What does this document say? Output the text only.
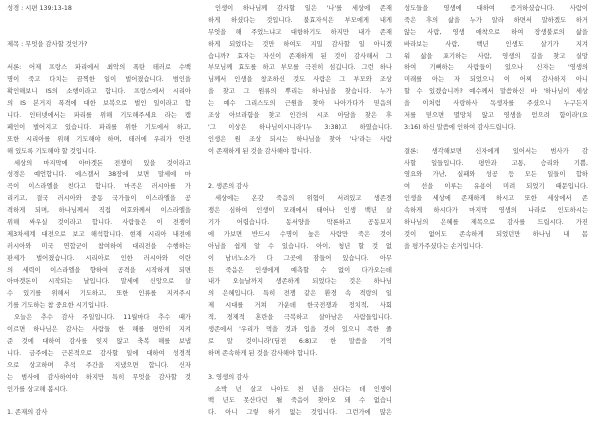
성경 : 시편 139:13-18
제목 : 무엇을 감사할 것인가?
서론: 어제 프랑스 파리에서 최악의 폭탄 테러로 수백
명이 죽고 다치는 끔찍한 일이 벌어졌습니다. 범인을
확인해보니 IS의 소행이라고 합니다. 프랑스에서 시리아
의 IS 본거지 폭격에 대한 보복으로 벌인 일이라고 합
니다. 인터넷에서는 파리를 위해 기도해주세요 라는 캠
페인이 벌어지고 있습니다. 파리를 위한 기도에서 하고,
또한 시리아를 위해 기도해야 하며, 테러에 우리가 안전
해 있도록 기도해야 할 것입니다.
세상의 마지막에 아마겟돈 전쟁이 있을 것이라고
성경은 예언합니다. 에스겔서 38장에 보면 말세에 마
곡이 이스라엘을 친다고 합니다. 마곡은 러시아를 가
리키고, 결국 러시아와 중동 국가들이 이스라엘을 공
격하게 되며, 하나님께서 직접 여호와께서 이스라엘을
위해 싸우실 것이라고 합니다. 사람들은 이 전쟁이
제3차세계 대전으로 보고 해석합니다. 현재 시리아 내전에
러시아와 미국 연합군이 참여하여 대리전을 수행하는
판세가 벌어졌습니다. 시리아로 인한 러시아와 이란
의 세력이 이스라엘을 향하여 공격을 시작하게 되면
아마겟돈이 시작되는 날입니다. 말세에 신앙으로 살
수 있기를 위해서 기도하고, 또한 인류를 지켜주시
기를 기도하는 참 중요한 시기입니다.
오늘은 추수 감사 주일입니다. 11월마다 추수 때가
이르면 하나님은 감사는 사람들 한 해를 평안히 지켜
준 것에 대하여 감사를 잊지 않고 축복 해를 보냅
니다. 금주에는 근본적으로 감사할 일에 대하여 성경적
으로 상고하며 추석 주간을 지냈으면 합니다. 신자
는 범사에 감사하여야 하지만 특히 무엇을 감사할 것
인가를 상고해 봅시다.
1. 존재의 감사
인생이 하나님께 감사할 일은 '나'를 세상에 존재
하게 하셨다는 것입니다. 불효자식은 부모에게 내게
무엇을 해 주었느냐고 대항하기도 하지만 내가 존재
하게 되었다는 것만 하여도 지밀 감사할 일 아니겠
습니까? 효자는 자신이 존재하게 된 것이 감사해서 그
부모님께 효도를 하고 부모를 극진히 섬깁니다. 그런 하나
님께서 인생을 창조하신 것도 사람은 그 부모와 조상
을 찾고 그 원류의 뿌리는 하나님을 찾습니다. 누가
는 예수 그리스도의 근원을 찾아 나아가다가 믿음의
조상 아브라함을 찾고 인간의 시조 아담을 찾은 후
'그 이상은 하나님이시니라'(누 3:38)고 하였습니다.
인생은 원 조상 되시는 하나님을 찾아 '나'라는 사람
이 존재하게 된 것을 감사해야 합니다.
2. 생존의 감사
세상에는 온갖 죽음의 위협이 서려있고 생존경
쟁은 심하여 인생이 모래에서 태어나 인생 백년 살
기가 어렵습니다. 동서양을 막론하고 공동묘지
에 가보면 반드시 수명이 높은 사람만 죽은 것이
아님을 쉽게 알 수 있습니다. 아이, 청년 할 것 없
이 남녀노소가 다 그곳에 잠들어 있습니다. 아무
튼 죽음은 인생에게 예측할 수 없이 다가오는데
내가 오늘날까지 생존하게 되었다는 것은 하나님
의 은혜입니다. 특히 전쟁 같은 환경 속 격랑의 일
제 시대를 거쳐 가운데 한국전쟁과 정치적, 사회
적, 경제적 혼란을 극복하고 살아남은 사람들입니다.
생존에서 '우리가 먹을 것과 입을 것이 있으니 족한 줄
로 알 것이니라'(딤전 6:8)고 한 말씀을 기억
하며 존속하게 된 것을 감사해야 합니다.
3. 영생의 감사
소박 넌 살고 나아도 천 년을 산다는 데 인생이
백 년도 못산다던 될 죽음이 찾아오 돼 수 없습니
다. 아니 그렇 하기 없는 것입니다. 그런가에 많은
성도들을 영생에 대하여 증거하셨습니다. 사람이
죽은 후의 삶을 누가 알라 하면서 말하겠도 하거
않는 사람, 영생 애착으로 하여 장생불로의 삶을
바라보는 사람, 백년 인생도 살기가 지겨
워 삶을 포기하는 사람, 영생의 길을 찾고 실망
하여 기뻐하는 사람들이 있으나 신자는 '영생의
미래를 아는 자 되었으니 이 어찌 감사하지 아니
할 수 있겠습니까? 예수께서 말씀하신 바 '하나님이 세상
을 이처럼 사랑하사 독생자를 주셨으니 누구든지
저를 믿으면 멸망치 않고 영생을 얻으려 함이라'(요
3:16) 하신 말씀에 인하여 감사드립니다.
결론: 생각해보면 신자에게 있어서는 범사가 감
사할 일들입니다. 평안과 고통, 승리와 기쁨,
영요와 가난, 실패와 성공 등 모든 일들이 합하
여 선을 이루는 유용이 미려 되었기 때문입니다.
인생을 세상에 존재하게 하시고 또한 세상에서 존
속하게 하시다가 마지막 영생의 나라로 인도하시는
하나님의 은혜를 제목으로 감사를 드립시다. 가진
것이 없어도 존속하게 되었던만 하나님 내 몸
을 평가주셨다는 손거입니다.
